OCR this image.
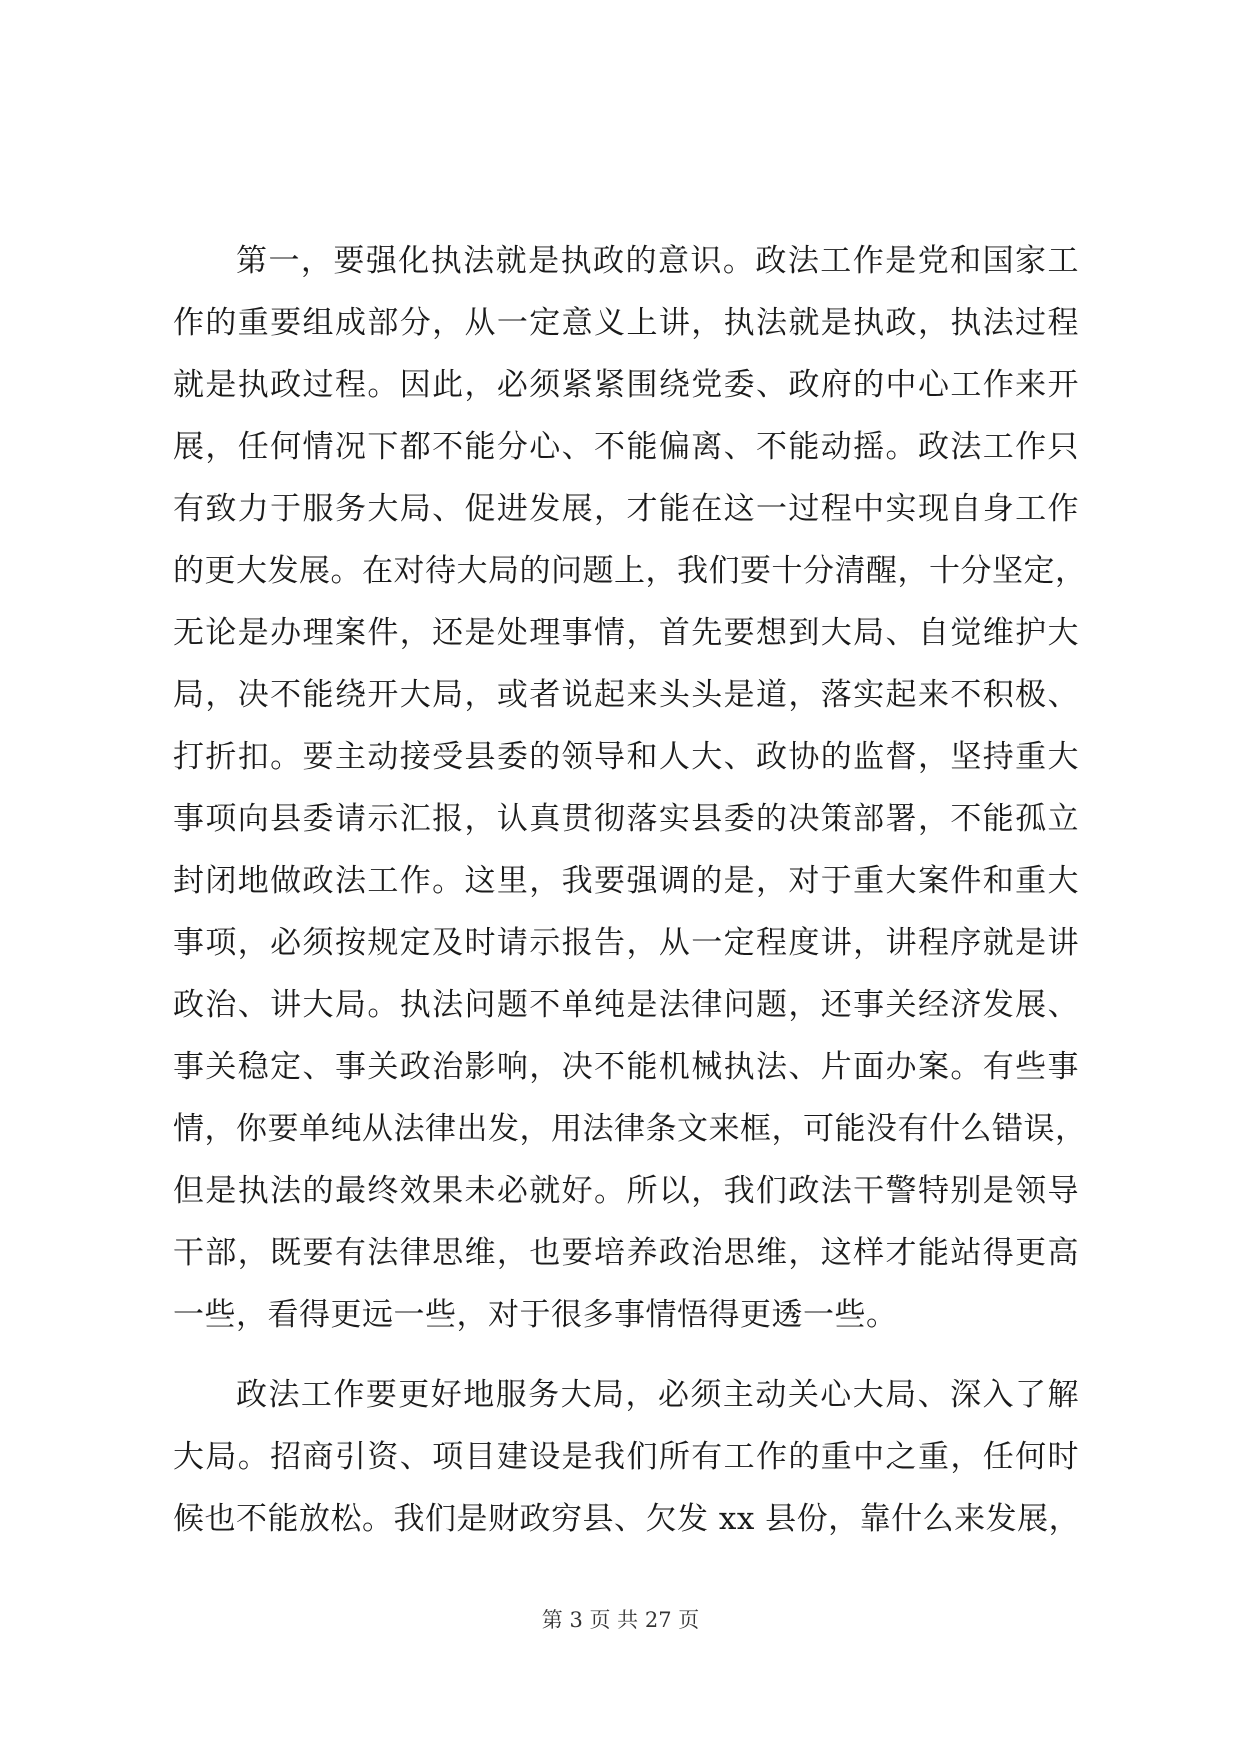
第一，要强化执法就是执政的意识。政法工作是党和国家工
作的重要组成部分，从一定意义上讲，执法就是执政，执法过程
就是执政过程。因此，必须紧紧围绕党委、政府的中心工作来开
展，任何情况下都不能分心、不能偏离、不能动摇。政法工作只
有致力于服务大局、促进发展，才能在这一过程中实现自身工作
的更大发展。在对待大局的问题上，我们要十分清醒，十分坚定，
无论是办理案件，还是处理事情，首先要想到大局、自觉维护大
局，决不能绕开大局，或者说起来头头是道，落实起来不积极、
打折扣。要主动接受县委的领导和人大、政协的监督，坚持重大
事项向县委请示汇报，认真贯彻落实县委的决策部署，不能孤立
封闭地做政法工作。这里，我要强调的是，对于重大案件和重大
事项，必须按规定及时请示报告，从一定程度讲，讲程序就是讲
政治、讲大局。执法问题不单纯是法律问题，还事关经济发展、
事关稳定、事关政治影响，决不能机械执法、片面办案。有些事
情，你要单纯从法律出发，用法律条文来框，可能没有什么错误，
但是执法的最终效果未必就好。所以，我们政法干警特别是领导
干部，既要有法律思维，也要培养政治思维，这样才能站得更高
一些，看得更远一些，对于很多事情悟得更透一些。
政法工作要更好地服务大局，必须主动关心大局、深入了解
大局。招商引资、项目建设是我们所有工作的重中之重，任何时
候也不能放松。我们是财政穷县、欠发 xx 县份，靠什么来发展，
第 3 页 共 27 页
